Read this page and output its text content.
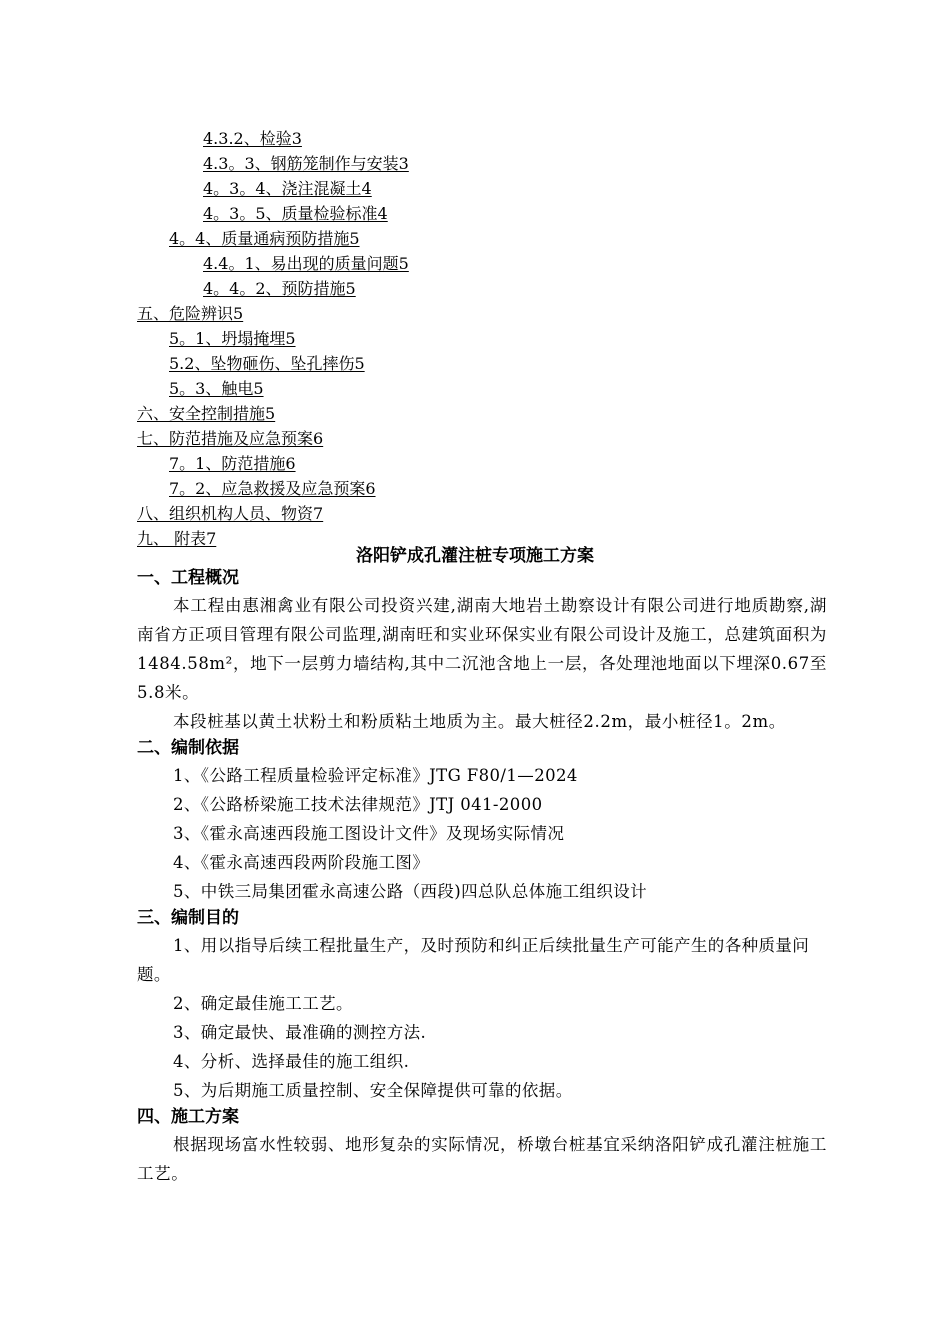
4.3.2、检验3
4.3。3、钢筋笼制作与安装3
4。3。4、浇注混凝土4
4。3。5、质量检验标准4
4。4、质量通病预防措施5
4.4。1、易出现的质量问题5
4。4。2、预防措施5
五、危险辨识5
5。1、坍塌掩埋5
5.2、坠物砸伤、坠孔摔伤5
5。3、触电5
六、安全控制措施5
七、防范措施及应急预案6
7。1、防范措施6
7。2、应急救援及应急预案6
八、组织机构人员、物资7
九、 附表7
洛阳铲成孔灌注桩专项施工方案

一、工程概况

本工程由惠湘禽业有限公司投资兴建,湖南大地岩土勘察设计有限公司进行地质勘察,湖南省方正项目管理有限公司监理,湖南旺和实业环保实业有限公司设计及施工，总建筑面积为1484.58m²，地下一层剪力墙结构,其中二沉池含地上一层，各处理池地面以下埋深0.67至5.8米。

本段桩基以黄土状粉土和粉质粘土地质为主。最大桩径2.2m，最小桩径1。2m。

二、编制依据

1、《公路工程质量检验评定标准》JTG F80/1—2024

2、《公路桥梁施工技术法律规范》JTJ 041-2000

3、《霍永高速西段施工图设计文件》及现场实际情况

4、《霍永高速西段两阶段施工图》

5、中铁三局集团霍永高速公路（西段)四总队总体施工组织设计

三、编制目的

1、用以指导后续工程批量生产，及时预防和纠正后续批量生产可能产生的各种质量问题。

2、确定最佳施工工艺。

3、确定最快、最准确的测控方法.

4、分析、选择最佳的施工组织.

5、为后期施工质量控制、安全保障提供可靠的依据。

四、施工方案

根据现场富水性较弱、地形复杂的实际情况，桥墩台桩基宜采纳洛阳铲成孔灌注桩施工工艺。
